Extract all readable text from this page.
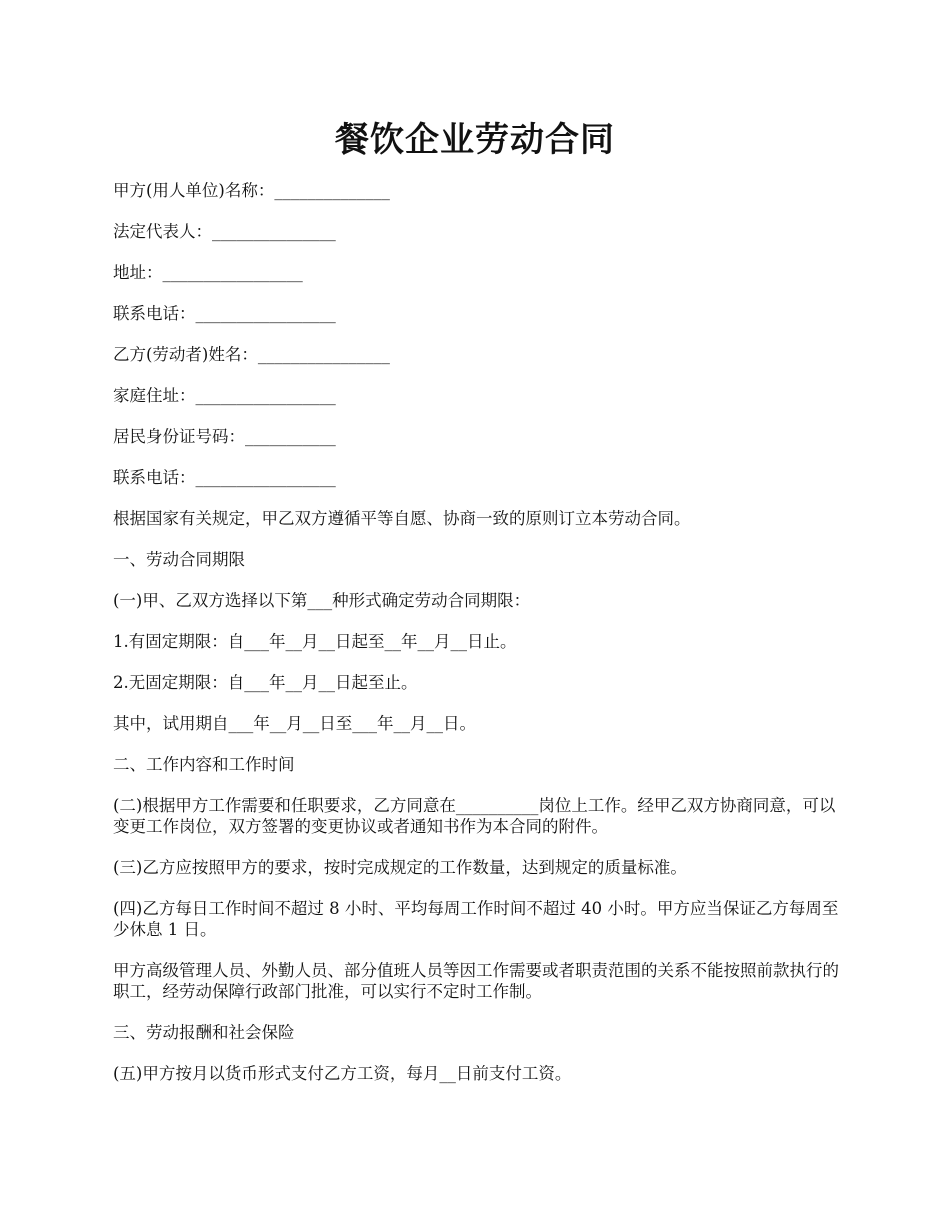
餐饮企业劳动合同

甲方(用人单位)名称：______________

法定代表人：_______________

地址：_________________

联系电话：_________________

乙方(劳动者)姓名：________________

家庭住址：_________________

居民身份证号码：___________

联系电话：_________________

根据国家有关规定，甲乙双方遵循平等自愿、协商一致的原则订立本劳动合同。

一、劳动合同期限

(一)甲、乙双方选择以下第___种形式确定劳动合同期限：

1.有固定期限：自___年__月__日起至__年__月__日止。

2.无固定期限：自___年__月__日起至止。

其中，试用期自___年__月__日至___年__月__日。

二、工作内容和工作时间

(二)根据甲方工作需要和任职要求，乙方同意在__________岗位上工作。经甲乙双方协商同意，可以变更工作岗位，双方签署的变更协议或者通知书作为本合同的附件。

(三)乙方应按照甲方的要求，按时完成规定的工作数量，达到规定的质量标准。

(四)乙方每日工作时间不超过 8 小时、平均每周工作时间不超过 40 小时。甲方应当保证乙方每周至少休息 1 日。

甲方高级管理人员、外勤人员、部分值班人员等因工作需要或者职责范围的关系不能按照前款执行的职工，经劳动保障行政部门批准，可以实行不定时工作制。

三、劳动报酬和社会保险

(五)甲方按月以货币形式支付乙方工资，每月__日前支付工资。
